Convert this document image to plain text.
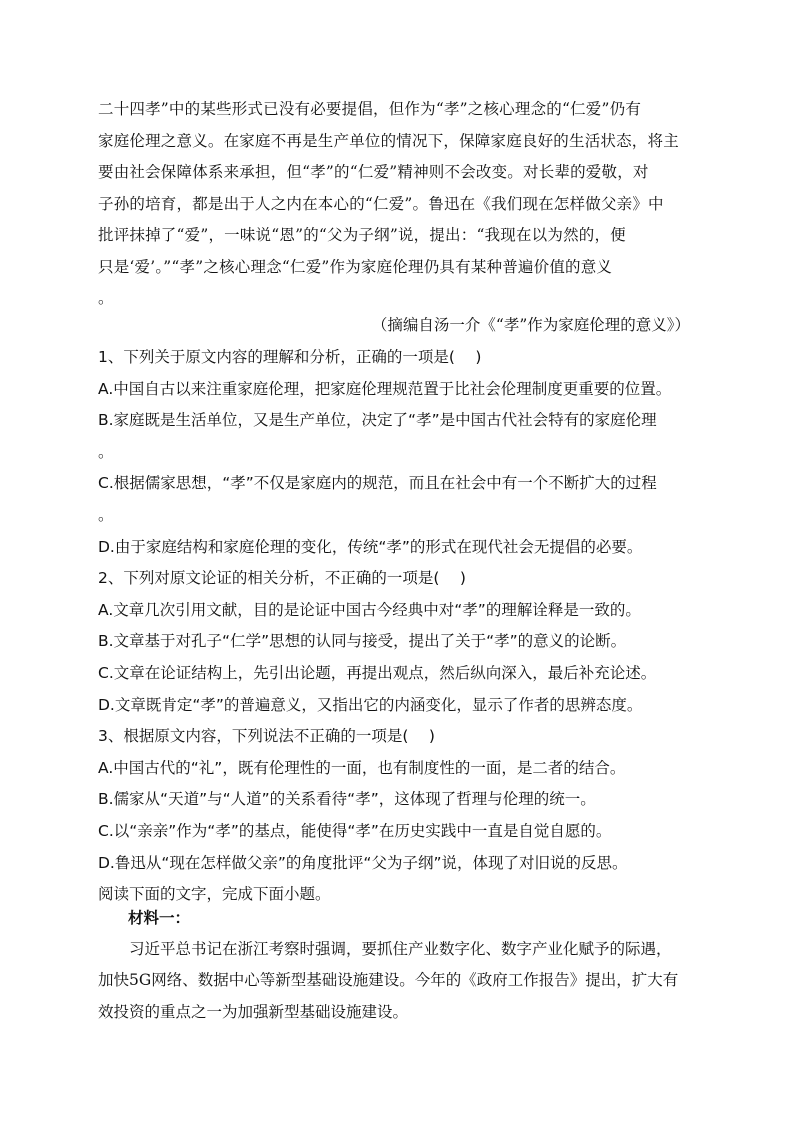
二十四孝”中的某些形式已没有必要提倡，但作为“孝”之核心理念的“仁爱”仍有

家庭伦理之意义。在家庭不再是生产单位的情况下，保障家庭良好的生活状态，将主

要由社会保障体系来承担，但“孝”的“仁爱”精神则不会改变。对长辈的爱敬，对

子孙的培育，都是出于人之内在本心的“仁爱”。鲁迅在《我们现在怎样做父亲》中

批评抹掉了“爱”，一味说“恩”的“父为子纲”说，提出：“我现在以为然的，便

只是‘爱’。”“孝”之核心理念“仁爱”作为家庭伦理仍具有某种普遍价值的意义

。

（摘编自汤一介《“孝”作为家庭伦理的意义》）

1、下列关于原文内容的理解和分析，正确的一项是(　 )

A.中国自古以来注重家庭伦理，把家庭伦理规范置于比社会伦理制度更重要的位置。

B.家庭既是生活单位，又是生产单位，决定了“孝”是中国古代社会特有的家庭伦理

。

C.根据儒家思想，“孝”不仅是家庭内的规范，而且在社会中有一个不断扩大的过程

。

D.由于家庭结构和家庭伦理的变化，传统“孝”的形式在现代社会无提倡的必要。

2、下列对原文论证的相关分析，不正确的一项是(　 )

A.文章几次引用文献，目的是论证中国古今经典中对“孝”的理解诠释是一致的。

B.文章基于对孔子“仁学”思想的认同与接受，提出了关于“孝”的意义的论断。

C.文章在论证结构上，先引出论题，再提出观点，然后纵向深入，最后补充论述。

D.文章既肯定“孝”的普遍意义，又指出它的内涵变化，显示了作者的思辨态度。

3、根据原文内容，下列说法不正确的一项是(　 )

A.中国古代的“礼”，既有伦理性的一面，也有制度性的一面，是二者的结合。

B.儒家从“天道”与“人道”的关系看待“孝”，这体现了哲理与伦理的统一。

C.以“亲亲”作为“孝”的基点，能使得“孝”在历史实践中一直是自觉自愿的。

D.鲁迅从“现在怎样做父亲”的角度批评“父为子纲”说，体现了对旧说的反思。

阅读下面的文字，完成下面小题。

材料一：

习近平总书记在浙江考察时强调，要抓住产业数字化、数字产业化赋予的际遇，

加快5G网络、数据中心等新型基础设施建设。今年的《政府工作报告》提出，扩大有

效投资的重点之一为加强新型基础设施建设。
